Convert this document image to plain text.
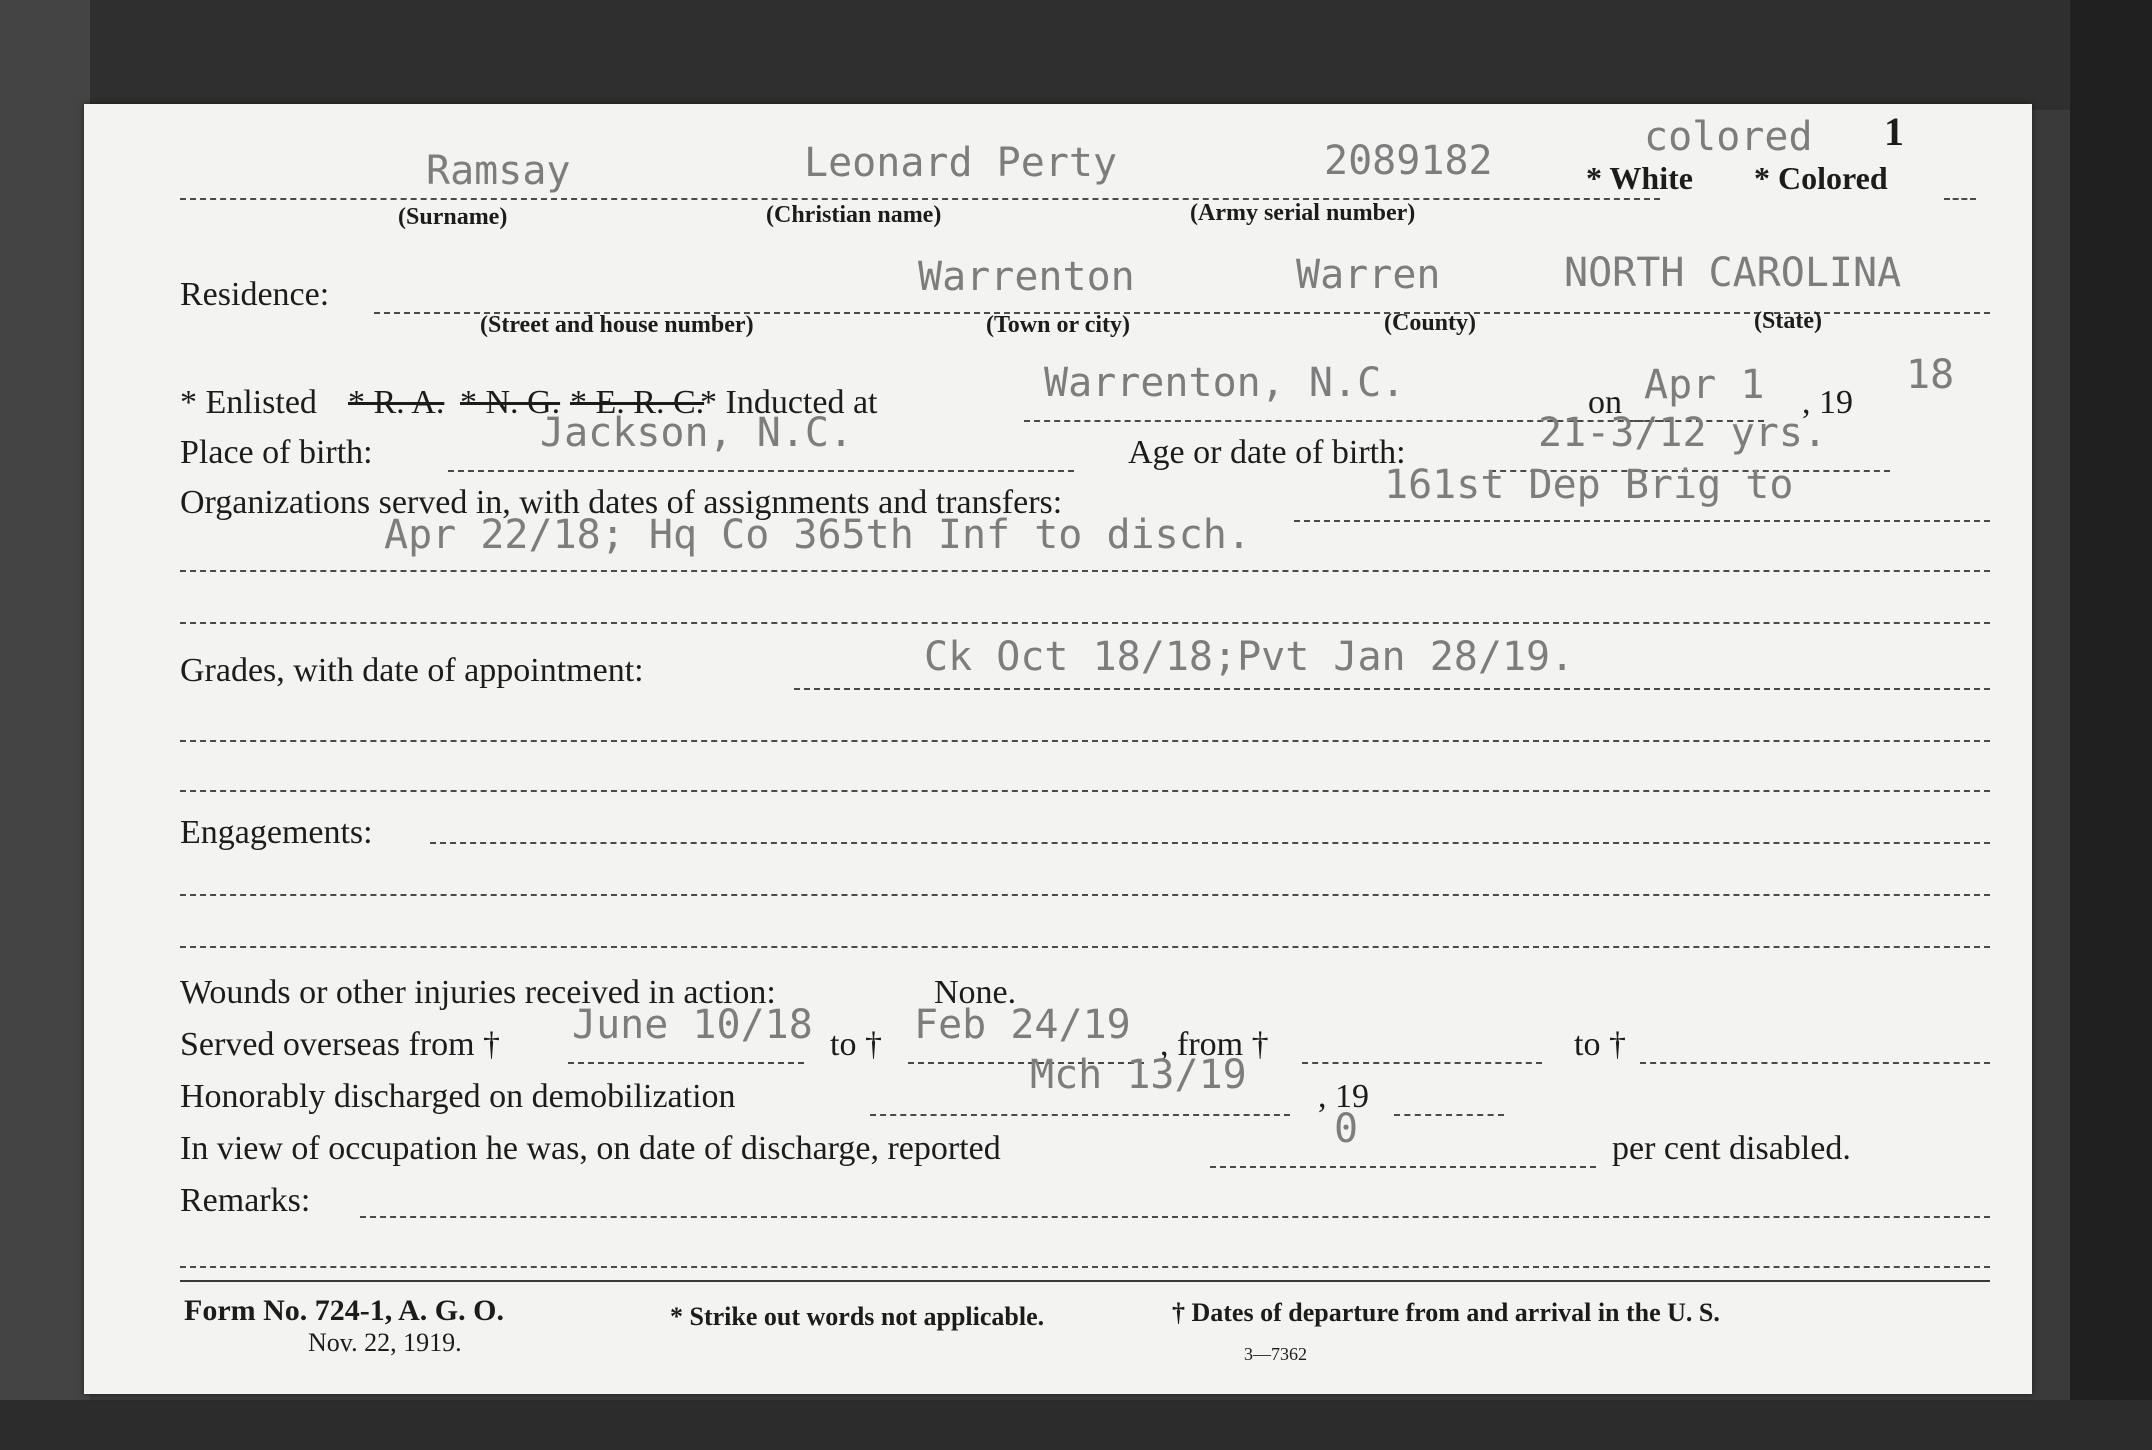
Ramsay	Leonard Perty	2089182
colored 1
* White * Colored
(Surname)	(Christian name)	(Army serial number)
Residence:	Warrenton	Warren	NORTH CAROLINA
(Street and house number)	(Town or city)	(County)	(State)
* Enlisted * R. A. * N. G. * E. R. C.
* Inducted at	Warrenton, N.C.	on Apr 1 , 19
18
Place of birth:	Jackson, N.C.	Age or date of birth:	21-3/12 yrs.
Organizations served in, with dates of assignments and transfers:	161st Dep Brig to
Apr 22/18; Hq Co 365th Inf to disch.
Grades, with date of appointment:	Ck Oct 18/18;Pvt Jan 28/19.
Engagements:
Wounds or other injuries received in action:	None.
Served overseas from † June 10/18 to † Feb 24/19 , from †	to †
Honorably discharged on demobilization	Mch 13/19 , 19
In view of occupation he was, on date of discharge, reported	0	per cent disabled.
Remarks:
Form No. 724-1, A. G. O.
Nov. 22, 1919.
* Strike out words not applicable.	† Dates of departure from and arrival in the U. S.
3—7362
